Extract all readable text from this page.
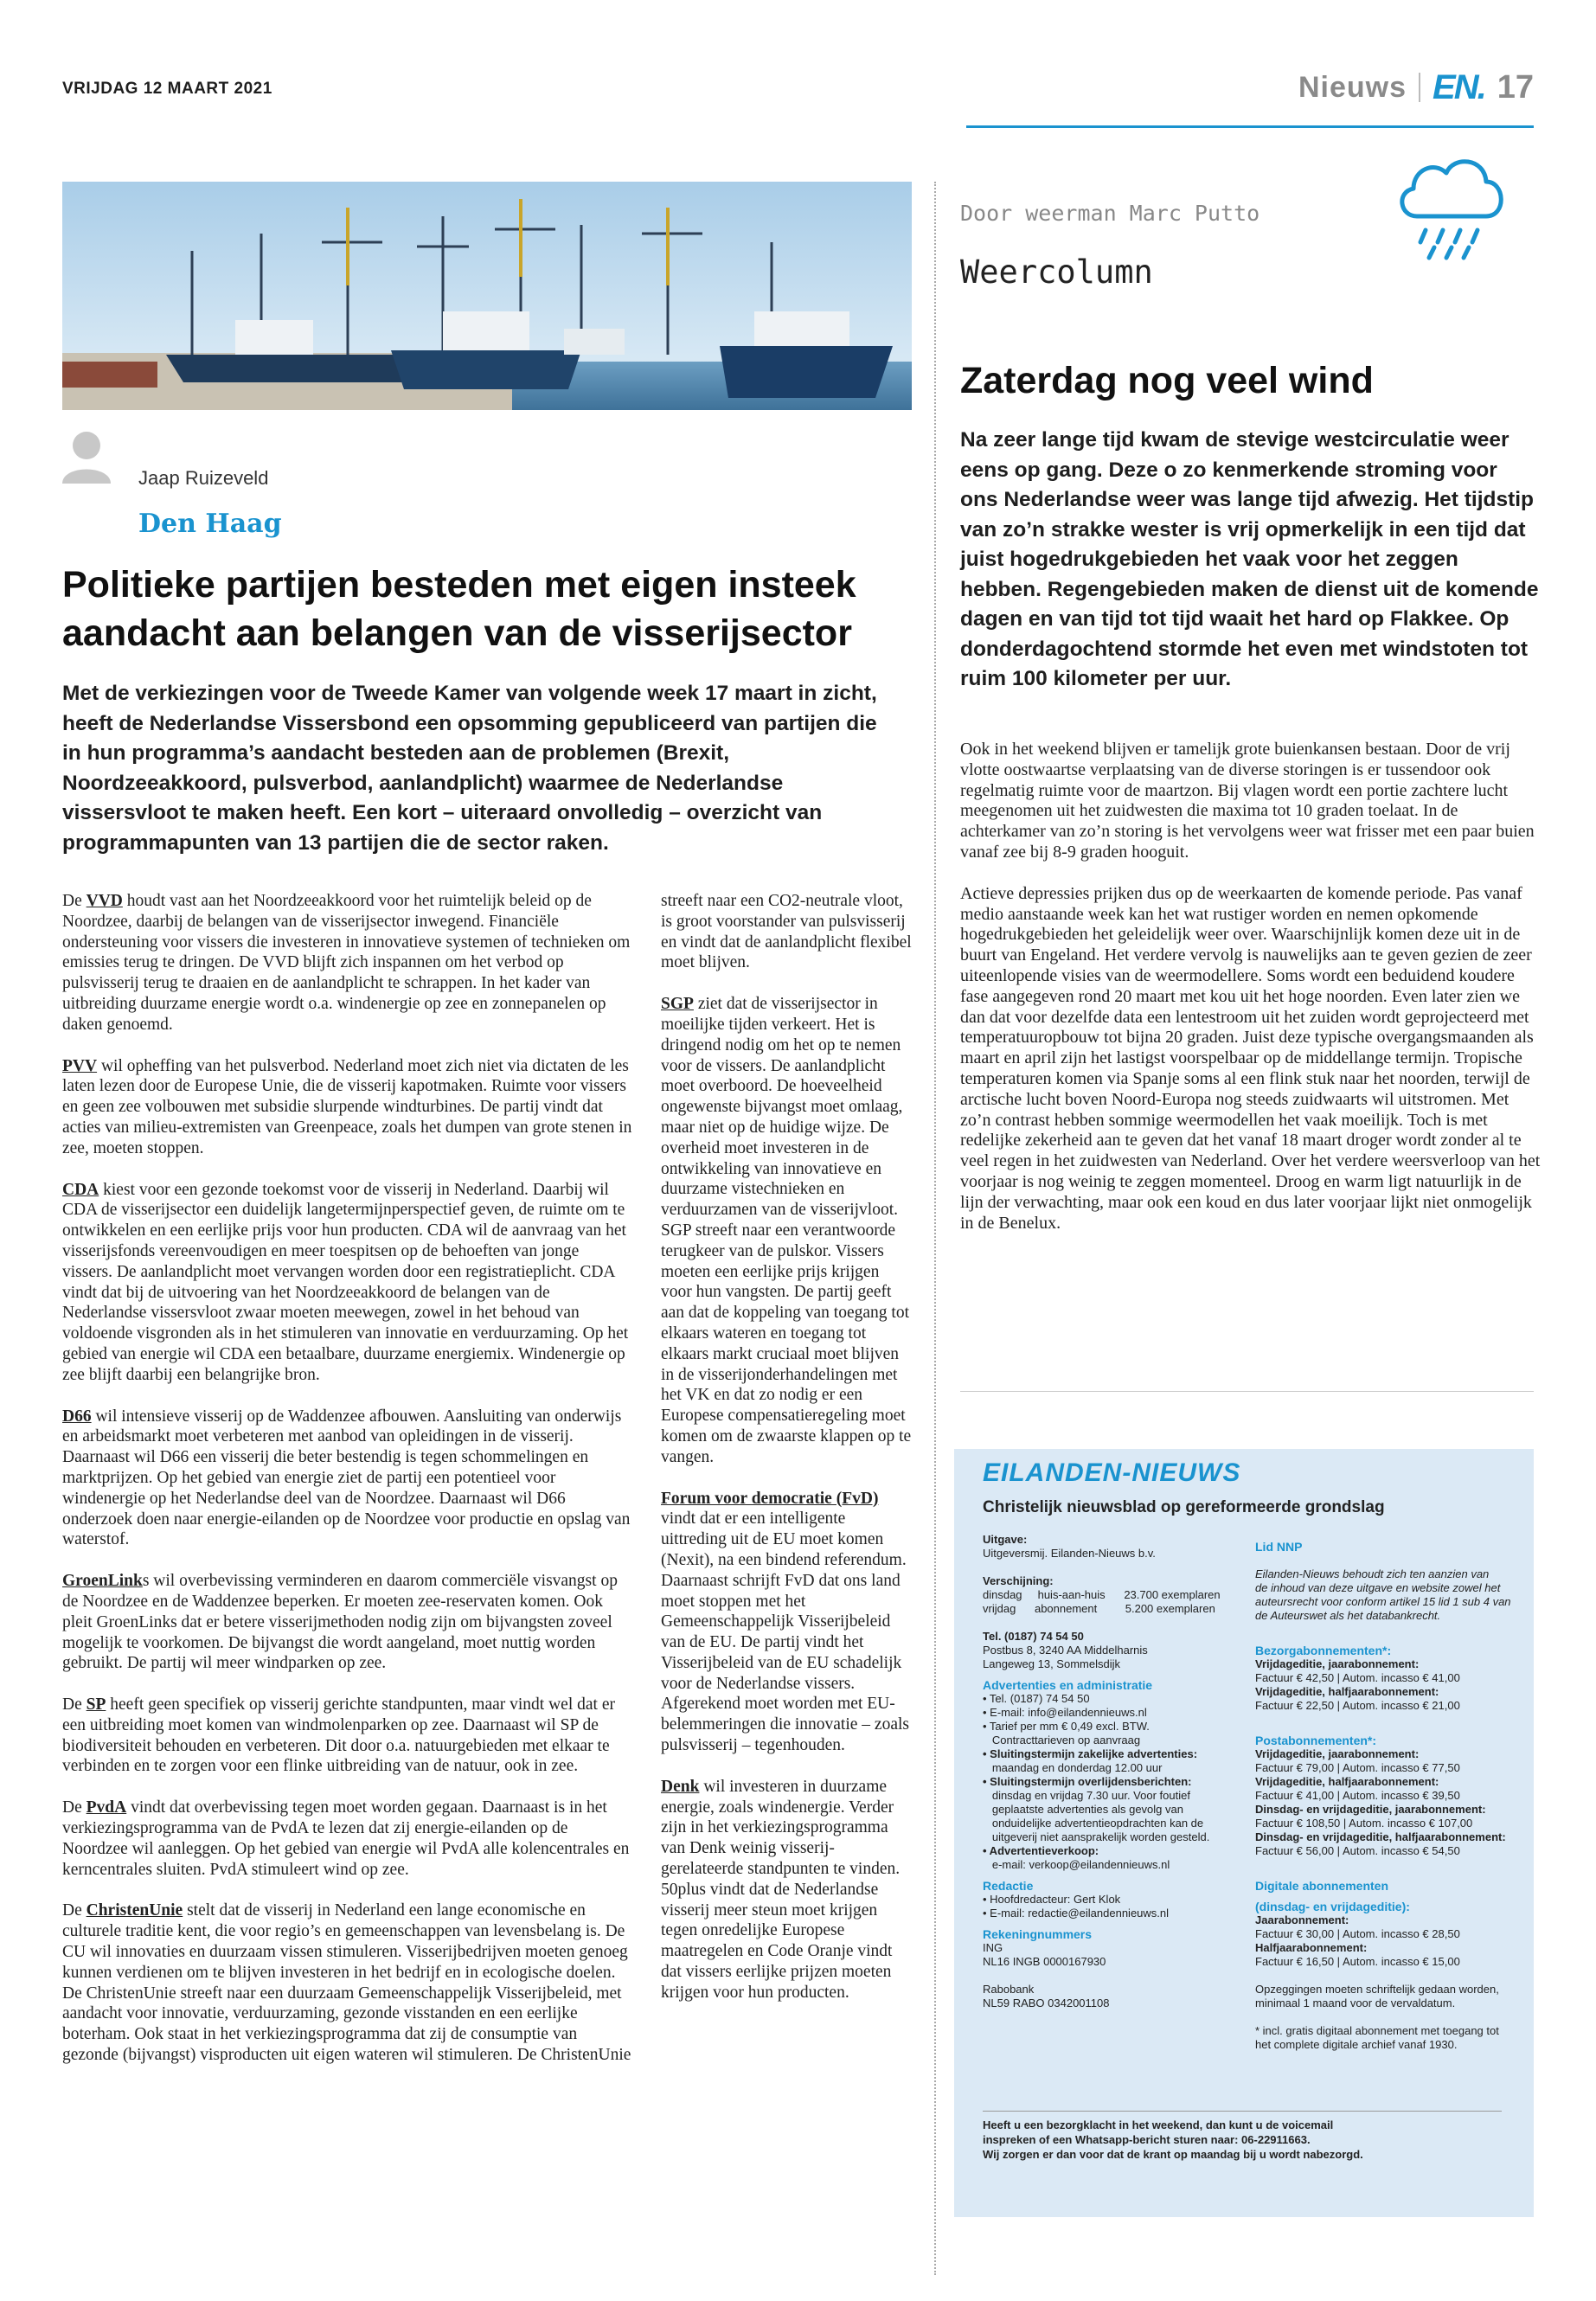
VRIJDAG 12 MAART 2021	Nieuws EN. 17
Jaap Ruizeveld
Den Haag
Politieke partijen besteden met eigen insteek aandacht aan belangen van de visserijsector
Met de verkiezingen voor de Tweede Kamer van volgende week 17 maart in zicht, heeft de Nederlandse Vissersbond een opsomming gepubliceerd van partijen die in hun programma’s aandacht besteden aan de problemen (Brexit, Noordzeeakkoord, pulsverbod, aanlandplicht) waarmee de Nederlandse vissersvloot te maken heeft. Een kort – uiteraard onvolledig – overzicht van programmapunten van 13 partijen die de sector raken.

De VVD houdt vast aan het Noordzeeakkoord voor het ruimtelijk beleid op de Noordzee, daarbij de belangen van de visserijsector inwegend. Financiële ondersteuning voor vissers die investeren in innovatieve systemen of technieken om emissies terug te dringen. De VVD blijft zich inspannen om het verbod op pulsvisserij terug te draaien en de aanlandplicht te schrappen. In het kader van uitbreiding duurzame energie wordt o.a. windenergie op zee en zonnepanelen op daken genoemd.

PVV wil opheffing van het pulsverbod. Nederland moet zich niet via dictaten de les laten lezen door de Europese Unie, die de visserij kapotmaken. Ruimte voor vissers en geen zee volbouwen met subsidie slurpende windturbines. De partij vindt dat acties van milieu-extremisten van Greenpeace, zoals het dumpen van grote stenen in zee, moeten stoppen.

CDA kiest voor een gezonde toekomst voor de visserij in Nederland. Daarbij wil CDA de visserijsector een duidelijk langetermijnperspectief geven, de ruimte om te ontwikkelen en een eerlijke prijs voor hun producten. CDA wil de aanvraag van het visserijsfonds vereenvoudigen en meer toespitsen op de behoeften van jonge vissers. De aanlandplicht moet vervangen worden door een registratieplicht. CDA vindt dat bij de uitvoering van het Noordzeeakkoord de belangen van de Nederlandse vissersvloot zwaar moeten meewegen, zowel in het behoud van voldoende visgronden als in het stimuleren van innovatie en verduurzaming. Op het gebied van energie wil CDA een betaalbare, duurzame energiemix. Windenergie op zee blijft daarbij een belangrijke bron.

D66 wil intensieve visserij op de Waddenzee afbouwen. Aansluiting van onderwijs en arbeidsmarkt moet verbeteren met aanbod van opleidingen in de visserij. Daarnaast wil D66 een visserij die beter bestendig is tegen schommelingen en marktprijzen. Op het gebied van energie ziet de partij een potentieel voor windenergie op het Nederlandse deel van de Noordzee. Daarnaast wil D66 onderzoek doen naar energie-eilanden op de Noordzee voor productie en opslag van waterstof.

GroenLinks wil overbevissing verminderen en daarom commerciële visvangst op de Noordzee en de Waddenzee beperken. Er moeten zee-reservaten komen. Ook pleit GroenLinks dat er betere visserijmethoden nodig zijn om bijvangsten zoveel mogelijk te voorkomen. De bijvangst die wordt aangeland, moet nuttig worden gebruikt. De partij wil meer windparken op zee.

De SP heeft geen specifiek op visserij gerichte standpunten, maar vindt wel dat er een uitbreiding moet komen van windmolenparken op zee. Daarnaast wil SP de biodiversiteit behouden en verbeteren. Dit door o.a. natuurgebieden met elkaar te verbinden en te zorgen voor een flinke uitbreiding van de natuur, ook in zee.

De PvdA vindt dat overbevissing tegen moet worden gegaan. Daarnaast is in het verkiezingsprogramma van de PvdA te lezen dat zij energie-eilanden op de Noordzee wil aanleggen. Op het gebied van energie wil PvdA alle kolencentrales en kerncentrales sluiten. PvdA stimuleert wind op zee.

De ChristenUnie stelt dat de visserij in Nederland een lange economische en culturele traditie kent, die voor regio’s en gemeenschappen van levensbelang is. De CU wil innovaties en duurzaam vissen stimuleren. Visserijbedrijven moeten genoeg kunnen verdienen om te blijven investeren in het bedrijf en in ecologische doelen. De ChristenUnie streeft naar een duurzaam Gemeenschappelijk Visserijbeleid, met aandacht voor innovatie, verduurzaming, gezonde visstanden en een eerlijke boterham. Ook staat in het verkiezingsprogramma dat zij de consumptie van gezonde (bijvangst) visproducten uit eigen wateren wil stimuleren. De ChristenUnie

streeft naar een CO2-neutrale vloot, is groot voorstander van pulsvisserij en vindt dat de aanlandplicht flexibel moet blijven.

SGP ziet dat de visserijsector in moeilijke tijden verkeert. Het is dringend nodig om het op te nemen voor de vissers. De aanlandplicht moet overboord. De hoeveelheid ongewenste bijvangst moet omlaag, maar niet op de huidige wijze. De overheid moet investeren in de ontwikkeling van innovatieve en duurzame vistechnieken en verduurzamen van de visserijvloot. SGP streeft naar een verantwoorde terugkeer van de pulskor. Vissers moeten een eerlijke prijs krijgen voor hun vangsten. De partij geeft aan dat de koppeling van toegang tot elkaars wateren en toegang tot elkaars markt cruciaal moet blijven in de visserijonderhandelingen met het VK en dat zo nodig er een Europese compensatieregeling moet komen om de zwaarste klappen op te vangen.

Forum voor democratie (FvD) vindt dat er een intelligente uittreding uit de EU moet komen (Nexit), na een bindend referendum. Daarnaast schrijft FvD dat ons land moet stoppen met het Gemeenschappelijk Visserijbeleid van de EU. De partij vindt het Visserijbeleid van de EU schadelijk voor de Nederlandse vissers. Afgerekend moet worden met EU-belemmeringen die innovatie – zoals pulsvisserij – tegenhouden.

Denk wil investeren in duurzame energie, zoals windenergie. Verder zijn in het verkiezingsprogramma van Denk weinig visserij-gerelateerde standpunten te vinden. 50plus vindt dat de Nederlandse visserij meer steun moet krijgen tegen onredelijke Europese maatregelen en Code Oranje vindt dat vissers eerlijke prijzen moeten krijgen voor hun producten.

Door weerman Marc Putto
Weercolumn
Zaterdag nog veel wind
Na zeer lange tijd kwam de stevige westcirculatie weer eens op gang. Deze o zo kenmerkende stroming voor ons Nederlandse weer was lange tijd afwezig. Het tijdstip van zo’n strakke wester is vrij opmerkelijk in een tijd dat juist hogedrukgebieden het vaak voor het zeggen hebben. Regengebieden maken de dienst uit de komende dagen en van tijd tot tijd waait het hard op Flakkee. Op donderdagochtend stormde het even met windstoten tot ruim 100 kilometer per uur.

Ook in het weekend blijven er tamelijk grote buienkansen bestaan. Door de vrij vlotte oostwaartse verplaatsing van de diverse storingen is er tussendoor ook regelmatig ruimte voor de maartzon. Bij vlagen wordt een portie zachtere lucht meegenomen uit het zuidwesten die maxima tot 10 graden toelaat. In de achterkamer van zo’n storing is het vervolgens weer wat frisser met een paar buien vanaf zee bij 8-9 graden hooguit.

Actieve depressies prijken dus op de weerkaarten de komende periode. Pas vanaf medio aanstaande week kan het wat rustiger worden en nemen opkomende hogedrukgebieden het geleidelijk weer over. Waarschijnlijk komen deze uit in de buurt van Engeland. Het verdere vervolg is nauwelijks aan te geven gezien de zeer uiteenlopende visies van de weermodellere. Soms wordt een beduidend koudere fase aangegeven rond 20 maart met kou uit het hoge noorden. Even later zien we dan dat voor dezelfde data een lentestroom uit het zuiden wordt geprojecteerd met temperatuuropbouw tot bijna 20 graden. Juist deze typische overgangsmaanden als maart en april zijn het lastigst voorspelbaar op de middellange termijn. Tropische temperaturen komen via Spanje soms al een flink stuk naar het noorden, terwijl de arctische lucht boven Noord-Europa nog steeds zuidwaarts wil uitstromen. Met zo’n contrast hebben sommige weermodellen het vaak moeilijk. Toch is met redelijke zekerheid aan te geven dat het vanaf 18 maart droger wordt zonder al te veel regen in het zuidwesten van Nederland. Over het verdere weersverloop van het voorjaar is nog weinig te zeggen momenteel. Droog en warm ligt natuurlijk in de lijn der verwachting, maar ook een koud en dus later voorjaar lijkt niet onmogelijk in de Benelux.

EILANDEN-NIEUWS
Christelijk nieuwsblad op gereformeerde grondslag
Uitgave:
Uitgeversmij. Eilanden-Nieuws b.v.
Verschijning:
dinsdag     huis-aan-huis      23.700 exemplaren
vrijdag      abonnement         5.200 exemplaren
Tel. (0187) 74 54 50
Postbus 8, 3240 AA Middelharnis
Langeweg 13, Sommelsdijk
Advertenties en administratie
• Tel. (0187) 74 54 50
• E-mail: info@eilandennieuws.nl
• Tarief per mm € 0,49 excl. BTW.
Contracttarieven op aanvraag
• Sluitingstermijn zakelijke advertenties:
maandag en donderdag 12.00 uur
• Sluitingstermijn overlijdensberichten:
dinsdag en vrijdag 7.30 uur. Voor foutief
geplaatste advertenties als gevolg van
onduidelijke advertentieopdrachten kan de
uitgeverij niet aansprakelijk worden gesteld.
• Advertentieverkoop:
e-mail: verkoop@eilandennieuws.nl
Redactie
• Hoofdredacteur: Gert Klok
• E-mail: redactie@eilandennieuws.nl
Rekeningnummers
ING
NL16 INGB 0000167930
Rabobank
NL59 RABO 0342001108
Lid NNP
Eilanden-Nieuws behoudt zich ten aanzien van
de inhoud van deze uitgave en website zowel het
auteursrecht voor conform artikel 15 lid 1 sub 4 van
de Auteurswet als het databankrecht.
Bezorgabonnementen*:
Vrijdageditie, jaarabonnement:
Factuur € 42,50 | Autom. incasso € 41,00
Vrijdageditie, halfjaarabonnement:
Factuur € 22,50 | Autom. incasso € 21,00
Postabonnementen*:
Vrijdageditie, jaarabonnement:
Factuur € 79,00 | Autom. incasso € 77,50
Vrijdageditie, halfjaarabonnement:
Factuur € 41,00 | Autom. incasso € 39,50
Dinsdag- en vrijdageditie, jaarabonnement:
Factuur € 108,50 | Autom. incasso € 107,00
Dinsdag- en vrijdageditie, halfjaarabonnement:
Factuur € 56,00 | Autom. incasso € 54,50
Digitale abonnementen
(dinsdag- en vrijdageditie):
Jaarabonnement:
Factuur € 30,00 | Autom. incasso € 28,50
Halfjaarabonnement:
Factuur € 16,50 | Autom. incasso € 15,00
Opzeggingen moeten schriftelijk gedaan worden,
minimaal 1 maand voor de vervaldatum.
* incl. gratis digitaal abonnement met toegang tot
het complete digitale archief vanaf 1930.
Heeft u een bezorgklacht in het weekend, dan kunt u de voicemail
inspreken of een Whatsapp-bericht sturen naar: 06-22911663.
Wij zorgen er dan voor dat de krant op maandag bij u wordt nabezorgd.
